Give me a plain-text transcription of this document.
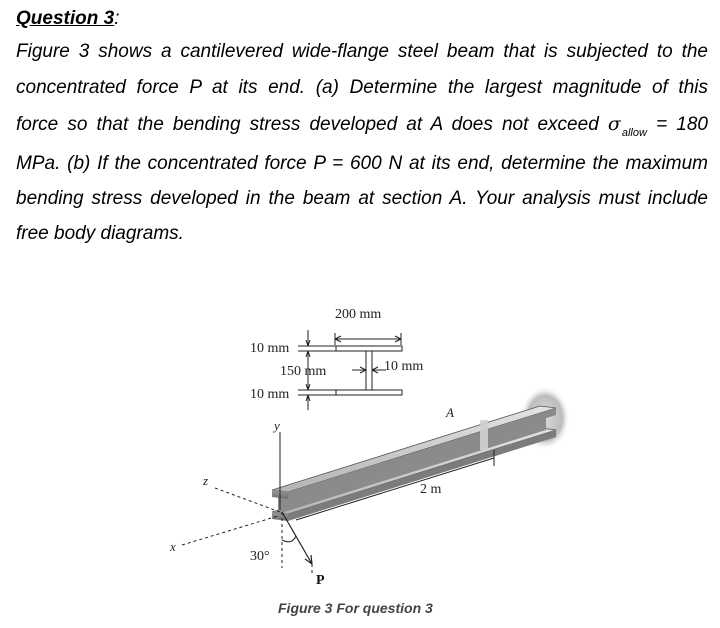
Question 3:
Figure 3 shows a cantilevered wide-flange steel beam that is subjected to the
concentrated force P at its end. (a) Determine the largest magnitude of this
force so that the bending stress developed at A does not exceed $\sigma_{allow} = 180$
MPa. (b) If the concentrated force P = 600 N at its end, determine the maximum
bending stress developed in the beam at section A. Your analysis must include
free body diagrams.
200 mm
10 mm
150 mm	10 mm
10 mm
y
z
x
2 m
A
30°
P
Figure 3 For question 3
